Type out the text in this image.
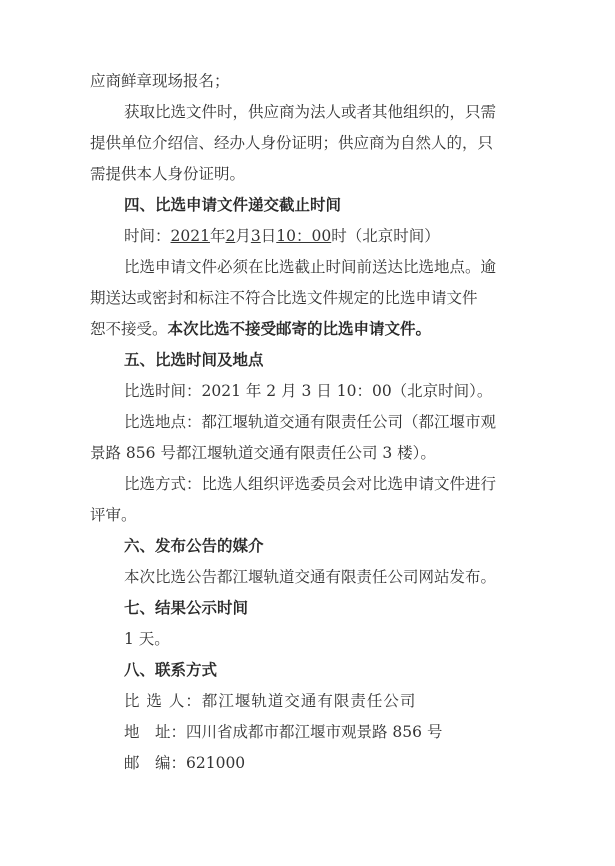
应商鲜章现场报名；
获取比选文件时，供应商为法人或者其他组织的，只需
提供单位介绍信、经办人身份证明；供应商为自然人的，只
需提供本人身份证明。
四、比选申请文件递交截止时间
时间：2021年2月3日10：00时（北京时间）
比选申请文件必须在比选截止时间前送达比选地点。逾
期送达或密封和标注不符合比选文件规定的比选申请文件
恕不接受。本次比选不接受邮寄的比选申请文件。
五、比选时间及地点
比选时间：2021 年 2 月 3 日 10：00（北京时间）。
比选地点：都江堰轨道交通有限责任公司（都江堰市观
景路 856 号都江堰轨道交通有限责任公司 3 楼）。
比选方式：比选人组织评选委员会对比选申请文件进行
评审。
六、发布公告的媒介
本次比选公告都江堰轨道交通有限责任公司网站发布。
七、结果公示时间
1 天。
八、联系方式
比 选 人：都江堰轨道交通有限责任公司
地　址：四川省成都市都江堰市观景路 856 号
邮　编：621000
